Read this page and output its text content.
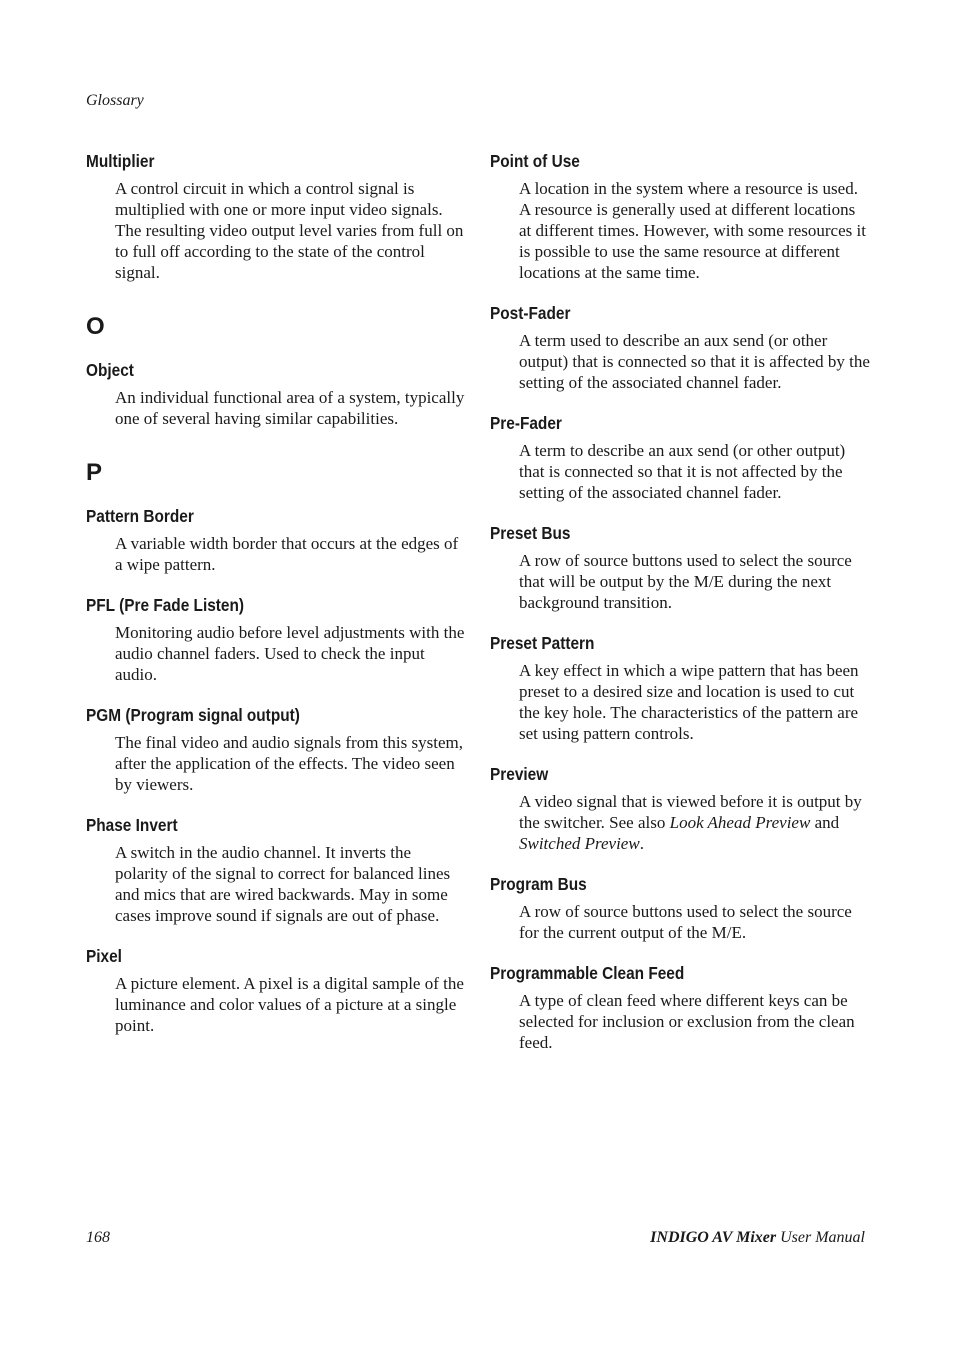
Glossary
Multiplier

A control circuit in which a control signal is multiplied with one or more input video signals. The resulting video output level varies from full on to full off according to the state of the control signal.

O
Object

An individual functional area of a system, typically one of several having similar capabilities.

P
Pattern Border

A variable width border that occurs at the edges of a wipe pattern.

PFL (Pre Fade Listen)

Monitoring audio before level adjustments with the audio channel faders. Used to check the input audio.

PGM (Program signal output)

The final video and audio signals from this system, after the application of the effects. The video seen by viewers.

Phase Invert

A switch in the audio channel. It inverts the polarity of the signal to correct for balanced lines and mics that are wired backwards. May in some cases improve sound if signals are out of phase.

Pixel

A picture element. A pixel is a digital sample of the luminance and color values of a picture at a single point.

Point of Use

A location in the system where a resource is used. A resource is generally used at different locations at different times. However, with some resources it is possible to use the same resource at different locations at the same time.

Post-Fader

A term used to describe an aux send (or other output) that is connected so that it is affected by the setting of the associated channel fader.

Pre-Fader

A term to describe an aux send (or other output) that is connected so that it is not affected by the setting of the associated channel fader.

Preset Bus

A row of source buttons used to select the source that will be output by the M/E during the next background transition.

Preset Pattern

A key effect in which a wipe pattern that has been preset to a desired size and location is used to cut the key hole. The characteristics of the pattern are set using pattern controls.

Preview

A video signal that is viewed before it is output by the switcher. See also Look Ahead Preview and Switched Preview.

Program Bus

A row of source buttons used to select the source for the current output of the M/E.

Programmable Clean Feed

A type of clean feed where different keys can be selected for inclusion or exclusion from the clean feed.

168	INDIGO AV Mixer User Manual
